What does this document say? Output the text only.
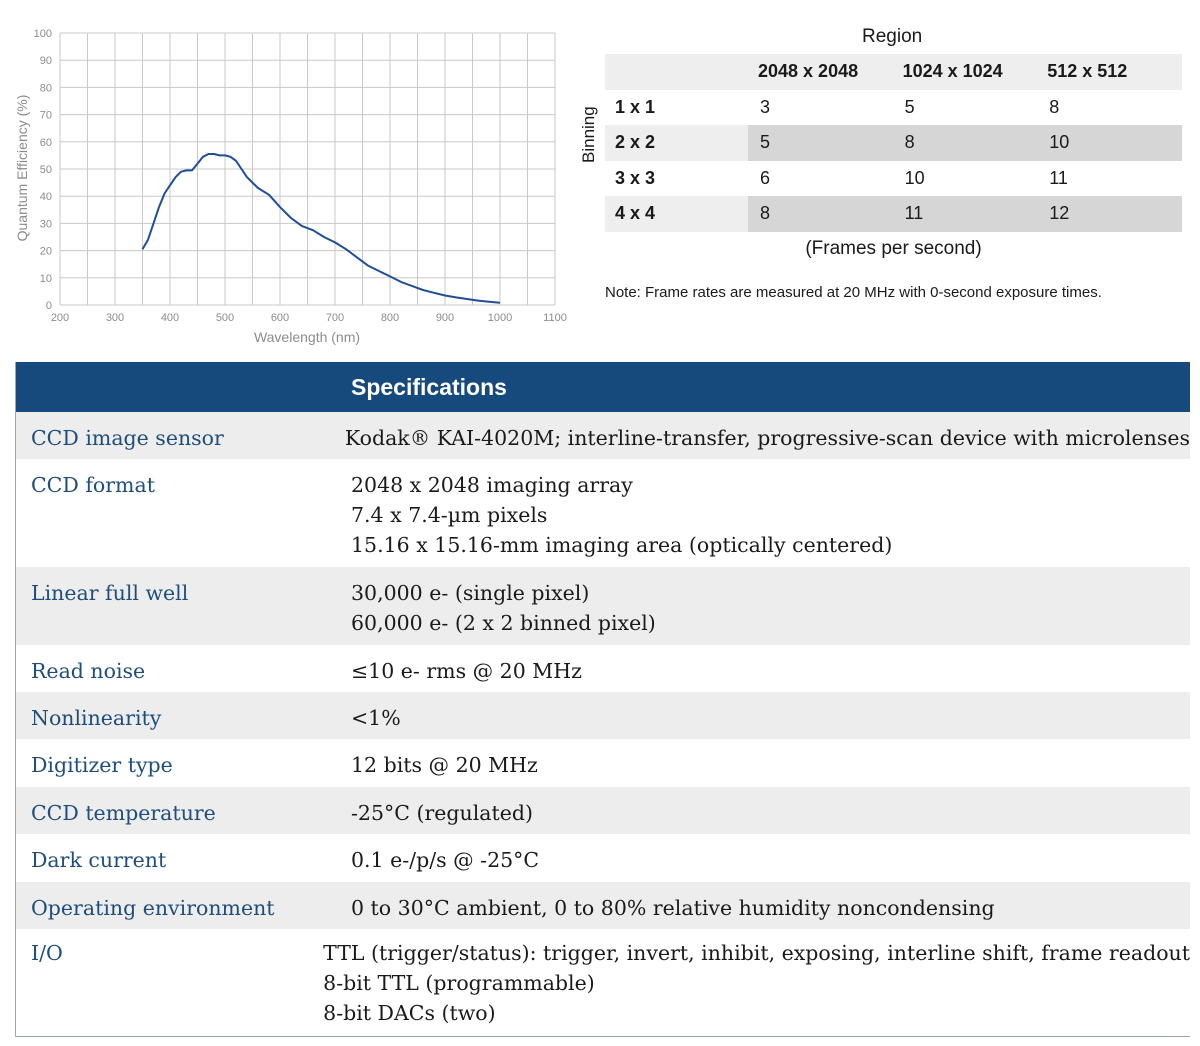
200	300	400	500	600	700	800	900	1000	1100
0
10
20
30
40
50
60
70
80
90
100
Wavelength (nm)
Quantum Efficiency (%)
Region
Binning
2048 x 2048	1024 x 1024	512 x 512
1 x 1	3	5	8
2 x 2	5	8	10
3 x 3	6	10	11
4 x 4	8	11	12
(Frames per second)
Note: Frame rates are measured at 20 MHz with 0-second exposure times.
Specifications
CCD image sensor	Kodak® KAI-4020M; interline-transfer, progressive-scan device with microlenses
CCD format	2048 x 2048 imaging array
7.4 x 7.4-µm pixels
15.16 x 15.16-mm imaging area (optically centered)
Linear full well	30,000 e- (single pixel)
60,000 e- (2 x 2 binned pixel)
Read noise	≤10 e- rms @ 20 MHz
Nonlinearity	<1%
Digitizer type	12 bits @ 20 MHz
CCD temperature	-25°C (regulated)
Dark current	0.1 e-/p/s @ -25°C
Operating environment	0 to 30°C ambient, 0 to 80% relative humidity noncondensing
I/O	TTL (trigger/status): trigger, invert, inhibit, exposing, interline shift, frame readout
8-bit TTL (programmable)
8-bit DACs (two)
